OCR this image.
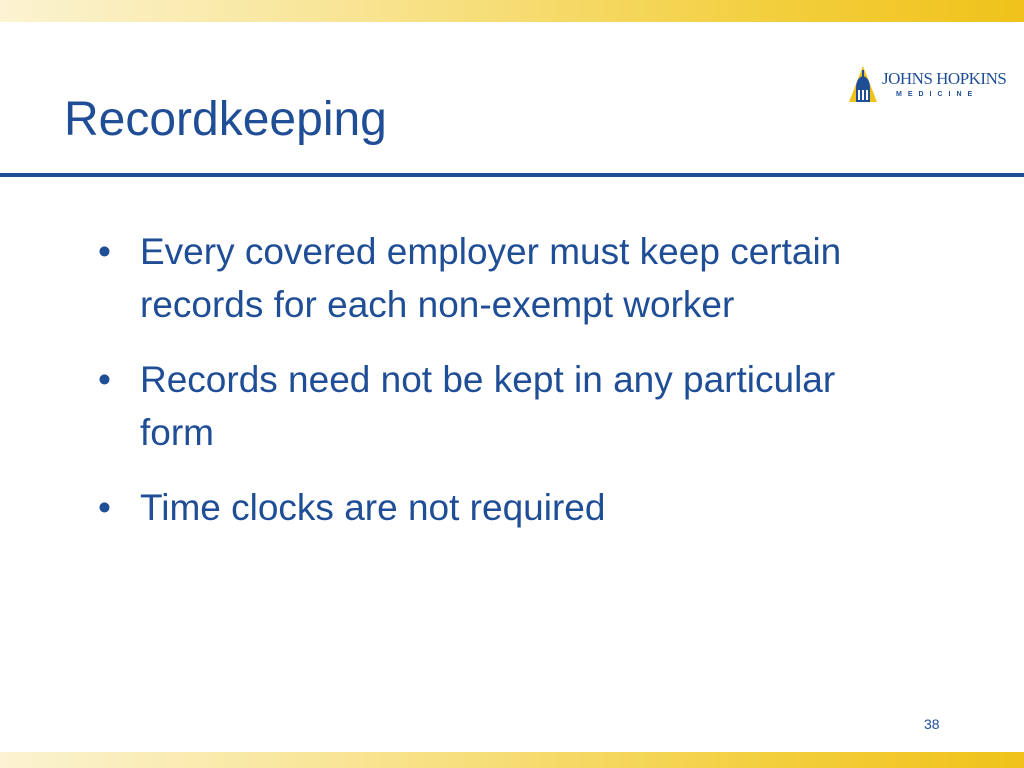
Recordkeeping
JOHNS HOPKINS
MEDICINE
• Every covered employer must keep certain records for each non-exempt worker
• Records need not be kept in any particular form
• Time clocks are not required
38
